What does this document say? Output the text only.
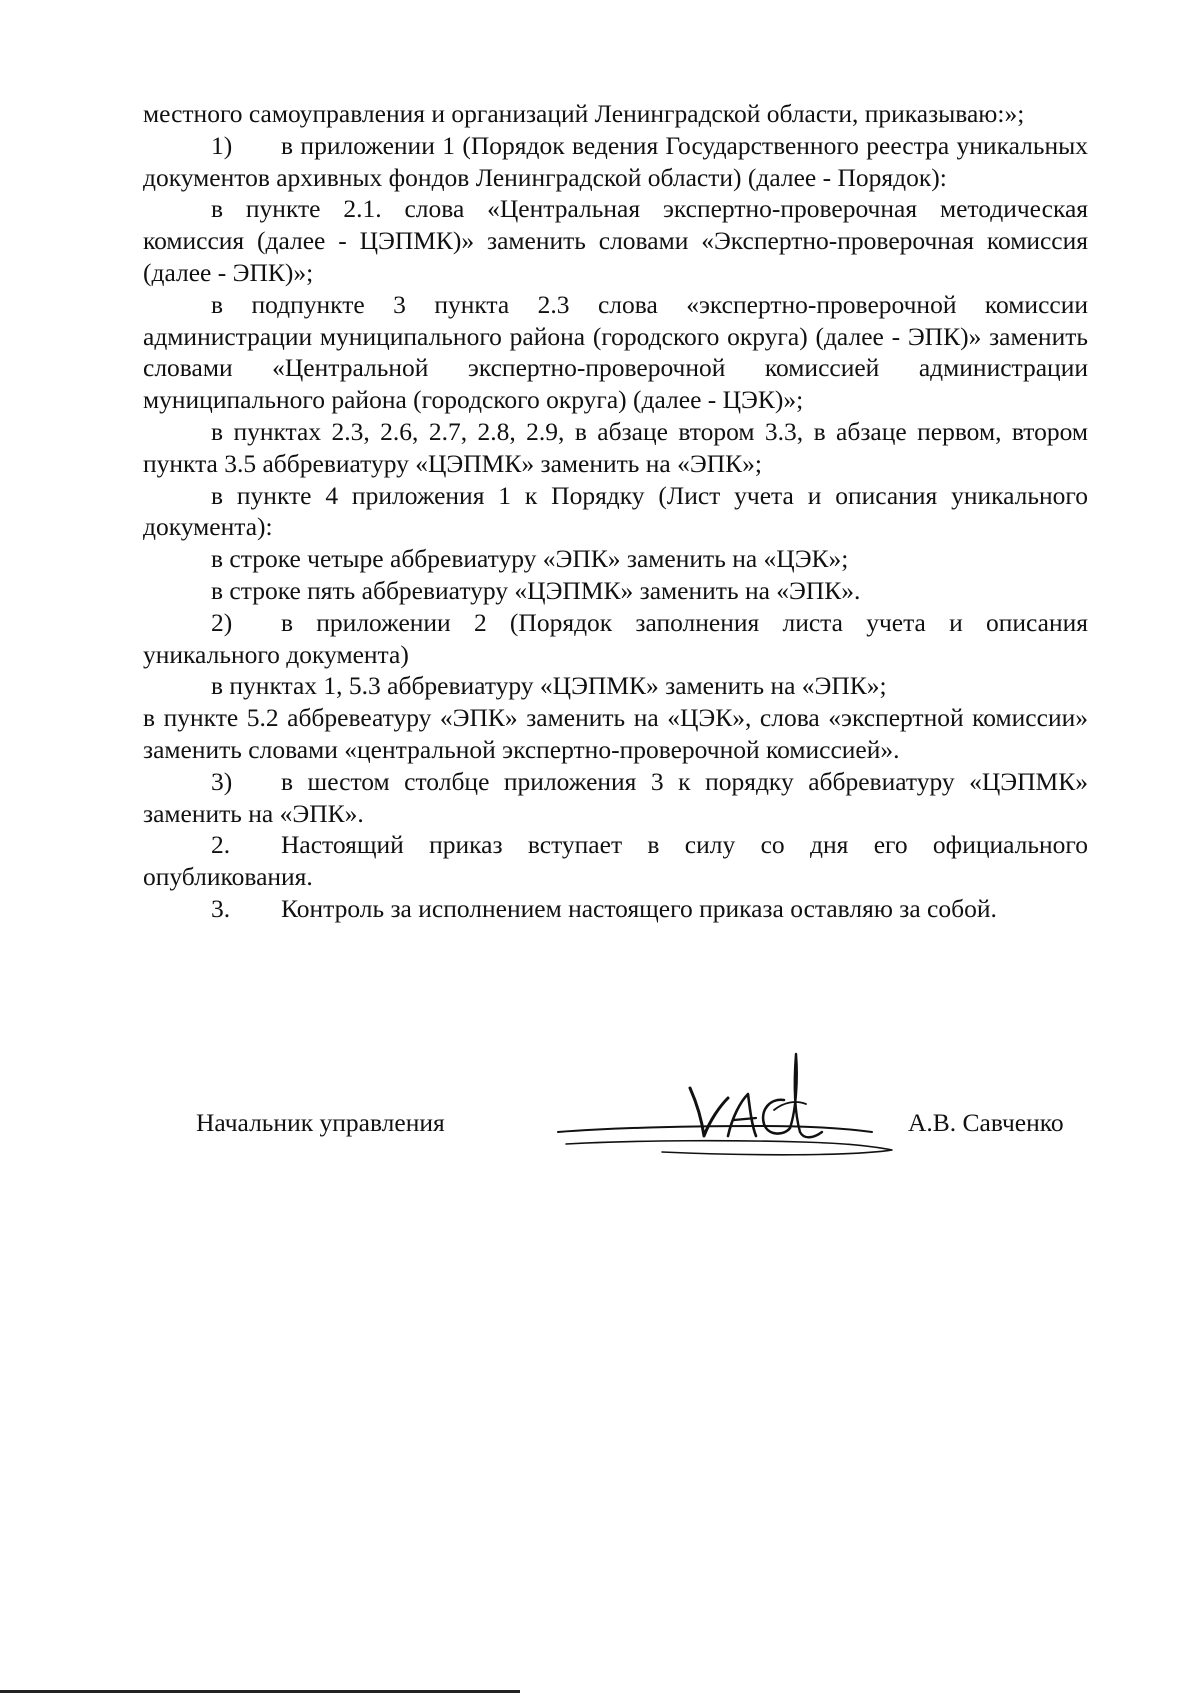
местного самоуправления и организаций Ленинградской области, приказываю:»;

1) в приложении 1 (Порядок ведения Государственного реестра уникальных документов архивных фондов Ленинградской области) (далее - Порядок):

в пункте 2.1. слова «Центральная экспертно-проверочная методическая комиссия (далее - ЦЭПМК)» заменить словами «Экспертно-проверочная комиссия (далее - ЭПК)»;

в подпункте 3 пункта 2.3 слова «экспертно-проверочной комиссии администрации муниципального района (городского округа) (далее - ЭПК)» заменить словами «Центральной экспертно-проверочной комиссией администрации муниципального района (городского округа) (далее - ЦЭК)»;

в пунктах 2.3, 2.6, 2.7, 2.8, 2.9, в абзаце втором 3.3, в абзаце первом, втором пункта 3.5 аббревиатуру «ЦЭПМК» заменить на «ЭПК»;

в пункте 4 приложения 1 к Порядку (Лист учета и описания уникального документа):

в строке четыре аббревиатуру «ЭПК» заменить на «ЦЭК»;

в строке пять аббревиатуру «ЦЭПМК» заменить на «ЭПК».

2) в приложении 2 (Порядок заполнения листа учета и описания уникального документа)

в пунктах 1, 5.3 аббревиатуру «ЦЭПМК» заменить на «ЭПК»;

в пункте 5.2 аббревеатуру «ЭПК» заменить на «ЦЭК», слова «экспертной комиссии» заменить словами «центральной экспертно-проверочной комиссией».

3) в шестом столбце приложения 3 к порядку аббревиатуру «ЦЭПМК» заменить на «ЭПК».

2. Настоящий приказ вступает в силу со дня его официального опубликования.

3. Контроль за исполнением настоящего приказа оставляю за собой.

Начальник управления	А.В. Савченко
